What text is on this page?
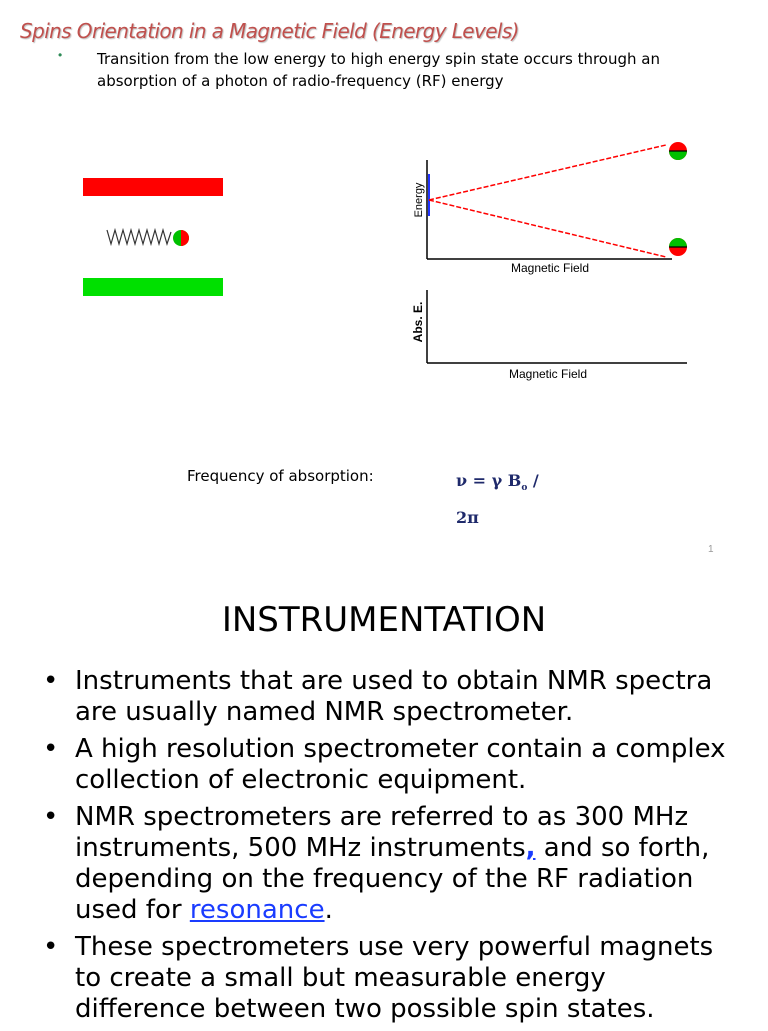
Spins Orientation in a Magnetic Field (Energy Levels)
• Transition from the low energy to high energy spin state occurs through an absorption of a photon of radio-frequency (RF) energy
Energy
Magnetic Field
Abs. E.
Magnetic Field
Frequency of absorption:	ν = γ $B_o$ /
2π
1
INSTRUMENTATION
• Instruments that are used to obtain NMR spectra are usually named NMR spectrometer.
• A high resolution spectrometer contain a complex collection of electronic equipment.
• NMR spectrometers are referred to as 300 MHz instruments, 500 MHz instruments, and so forth, depending on the frequency of the RF radiation used for resonance.
• These spectrometers use very powerful magnets to create a small but measurable energy difference between two possible spin states.
